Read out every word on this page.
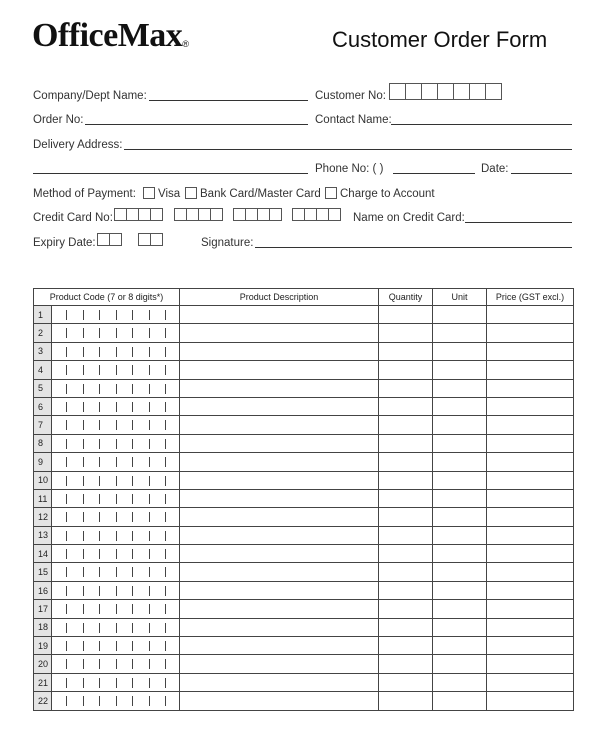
OfficeMax®	Customer Order Form
Company/Dept Name:	Customer No:
Order No:	Contact Name:
Delivery Address:
Phone No: ( )	Date:
Method of Payment: Visa Bank Card/Master Card Charge to Account
Credit Card No:	Name on Credit Card:
Expiry Date:	Signature:
Product Code (7 or 8 digits*)		Product Description	Quantity	Unit	Price (GST excl.)
1	

2	

3	

4	

5	

6	

7	

8	

9	

10	

11	

12	

13	

14	

15	

16	

17	

18	

19	

20	

21	

22	
